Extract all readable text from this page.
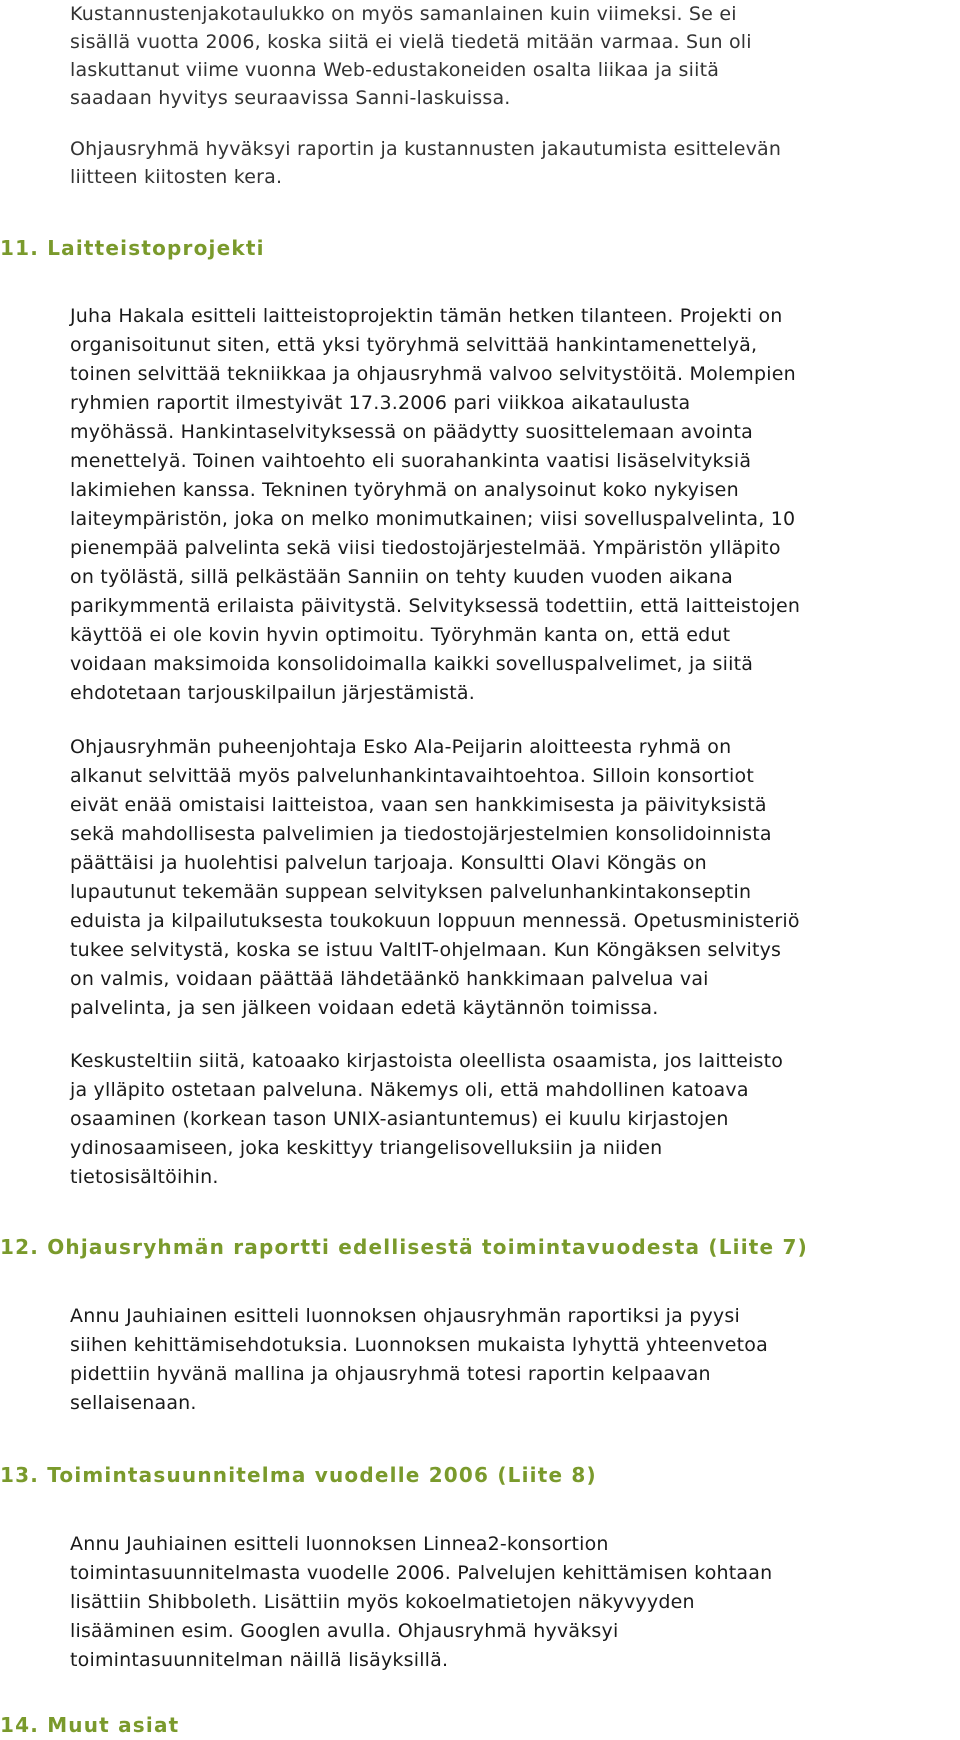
Kustannustenjakotaulukko on myös samanlainen kuin viimeksi. Se ei
sisällä vuotta 2006, koska siitä ei vielä tiedetä mitään varmaa. Sun oli
laskuttanut viime vuonna Web-edustakoneiden osalta liikaa ja siitä
saadaan hyvitys seuraavissa Sanni-laskuissa.
Ohjausryhmä hyväksyi raportin ja kustannusten jakautumista esittelevän
liitteen kiitosten kera.
11. Laitteistoprojekti
Juha Hakala esitteli laitteistoprojektin tämän hetken tilanteen. Projekti on
organisoitunut siten, että yksi työryhmä selvittää hankintamenettelyä,
toinen selvittää tekniikkaa ja ohjausryhmä valvoo selvitystöitä. Molempien
ryhmien raportit ilmestyivät 17.3.2006 pari viikkoa aikataulusta
myöhässä. Hankintaselvityksessä on päädytty suosittelemaan avointa
menettelyä. Toinen vaihtoehto eli suorahankinta vaatisi lisäselvityksiä
lakimiehen kanssa. Tekninen työryhmä on analysoinut koko nykyisen
laiteympäristön, joka on melko monimutkainen; viisi sovelluspalvelinta, 10
pienempää palvelinta sekä viisi tiedostojärjestelmää. Ympäristön ylläpito
on työlästä, sillä pelkästään Sanniin on tehty kuuden vuoden aikana
parikymmentä erilaista päivitystä. Selvityksessä todettiin, että laitteistojen
käyttöä ei ole kovin hyvin optimoitu. Työryhmän kanta on, että edut
voidaan maksimoida konsolidoimalla kaikki sovelluspalvelimet, ja siitä
ehdotetaan tarjouskilpailun järjestämistä.
Ohjausryhmän puheenjohtaja Esko Ala-Peijarin aloitteesta ryhmä on
alkanut selvittää myös palvelunhankintavaihtoehtoa. Silloin konsortiot
eivät enää omistaisi laitteistoa, vaan sen hankkimisesta ja päivityksistä
sekä mahdollisesta palvelimien ja tiedostojärjestelmien konsolidoinnista
päättäisi ja huolehtisi palvelun tarjoaja. Konsultti Olavi Köngäs on
lupautunut tekemään suppean selvityksen palvelunhankintakonseptin
eduista ja kilpailutuksesta toukokuun loppuun mennessä. Opetusministeriö
tukee selvitystä, koska se istuu ValtIT-ohjelmaan. Kun Köngäksen selvitys
on valmis, voidaan päättää lähdetäänkö hankkimaan palvelua vai
palvelinta, ja sen jälkeen voidaan edetä käytännön toimissa.
Keskusteltiin siitä, katoaako kirjastoista oleellista osaamista, jos laitteisto
ja ylläpito ostetaan palveluna. Näkemys oli, että mahdollinen katoava
osaaminen (korkean tason UNIX-asiantuntemus) ei kuulu kirjastojen
ydinosaamiseen, joka keskittyy triangelisovelluksiin ja niiden
tietosisältöihin.
12. Ohjausryhmän raportti edellisestä toimintavuodesta (Liite 7)
Annu Jauhiainen esitteli luonnoksen ohjausryhmän raportiksi ja pyysi
siihen kehittämisehdotuksia. Luonnoksen mukaista lyhyttä yhteenvetoa
pidettiin hyvänä mallina ja ohjausryhmä totesi raportin kelpaavan
sellaisenaan.
13. Toimintasuunnitelma vuodelle 2006 (Liite 8)
Annu Jauhiainen esitteli luonnoksen Linnea2-konsortion
toimintasuunnitelmasta vuodelle 2006. Palvelujen kehittämisen kohtaan
lisättiin Shibboleth. Lisättiin myös kokoelmatietojen näkyvyyden
lisääminen esim. Googlen avulla. Ohjausryhmä hyväksyi
toimintasuunnitelman näillä lisäyksillä.
14. Muut asiat
